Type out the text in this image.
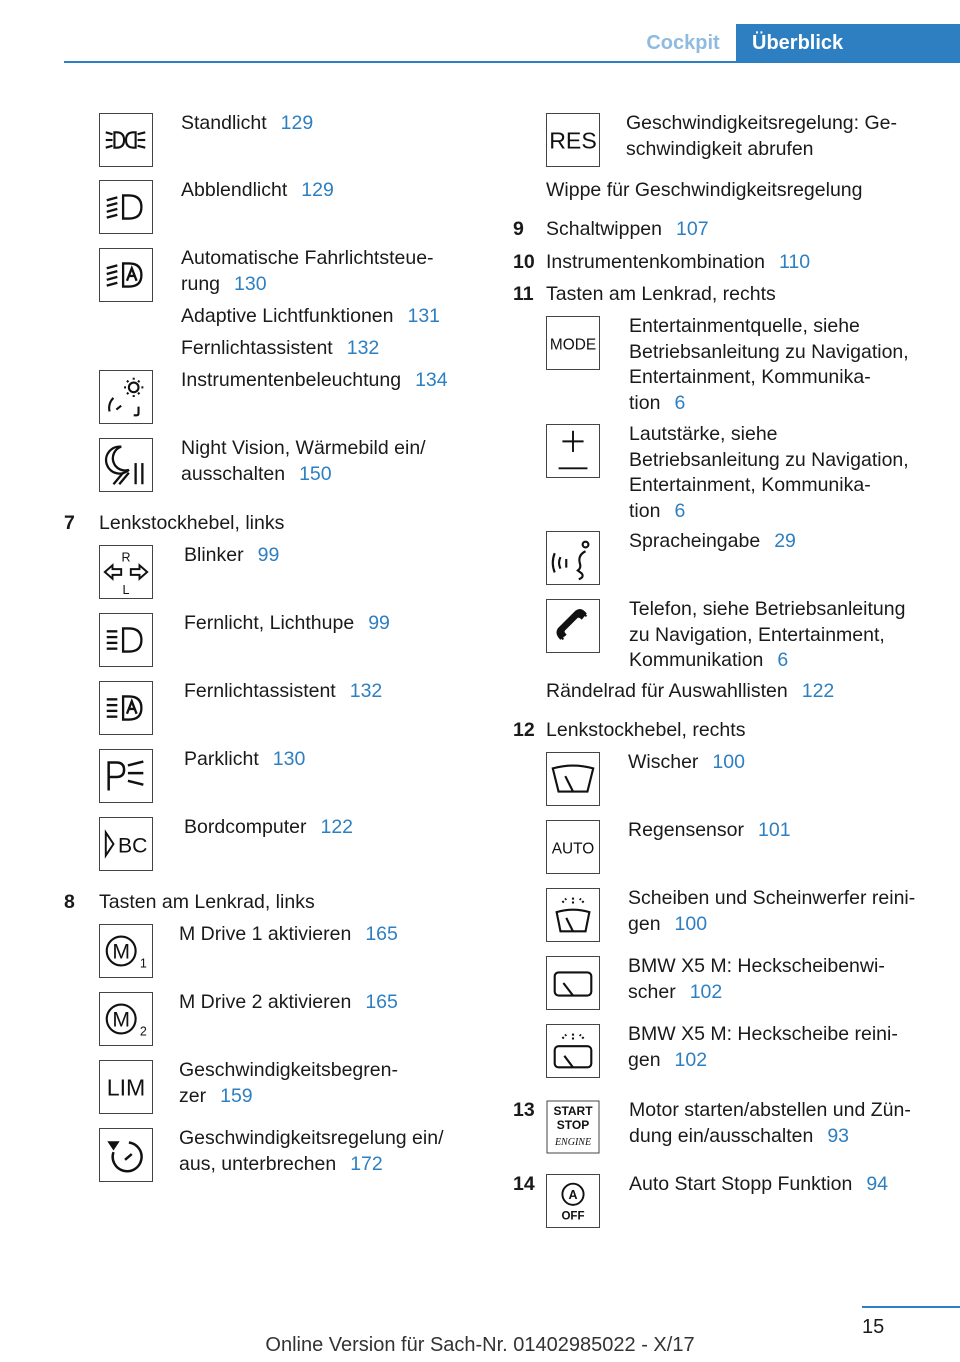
Cockpit	Überblick
Standlicht 129
Abblendlicht 129
Automatische Fahrlichtsteue-
rung 130
Adaptive Lichtfunktionen 131
Fernlichtassistent 132
Instrumentenbeleuchtung 134
Night Vision, Wärmebild ein/
ausschalten 150
7 Lenkstockhebel, links
R
L
Blinker 99
Fernlicht, Lichthupe 99
Fernlichtassistent 132
Parklicht 130
BC
Bordcomputer 122
8 Tasten am Lenkrad, links
M 1
M Drive 1 aktivieren 165
M 2
M Drive 2 aktivieren 165
LIM
Geschwindigkeitsbegren-
zer 159
Geschwindigkeitsregelung ein/
aus, unterbrechen 172
RES
Geschwindigkeitsregelung: Ge-
schwindigkeit abrufen
Wippe für Geschwindigkeitsregelung
9 Schaltwippen 107
10 Instrumentenkombination 110
11 Tasten am Lenkrad, rechts
MODE
Entertainmentquelle, siehe
Betriebsanleitung zu Navigation,
Entertainment, Kommunika-
tion 6
Lautstärke, siehe
Betriebsanleitung zu Navigation,
Entertainment, Kommunika-
tion 6
Spracheingabe 29
Telefon, siehe Betriebsanleitung
zu Navigation, Entertainment,
Kommunikation 6
Rändelrad für Auswahllisten 122
12 Lenkstockhebel, rechts
Wischer 100
AUTO
Regensensor 101
Scheiben und Scheinwerfer reini-
gen 100
BMW X5 M: Heckscheibenwi-
scher 102
BMW X5 M: Heckscheibe reini-
gen 102
13 START
STOP
ENGINE
Motor starten/abstellen und Zün-
dung ein/ausschalten 93
14
A
OFF
Auto Start Stopp Funktion 94
15
Online Version für Sach-Nr. 01402985022 - X/17
